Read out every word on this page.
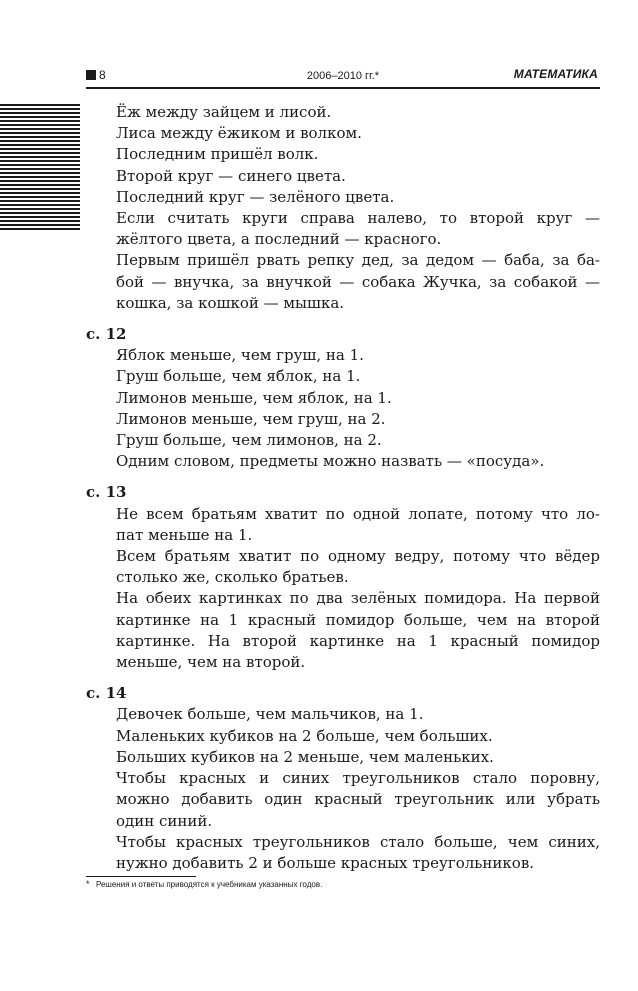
8	2006–2010 гг.*	МАТЕМАТИКА
Ёж между зайцем и лисой.
Лиса между ёжиком и волком.
Последним пришёл волк.
Второй круг — синего цвета.
Последний круг — зелёного цвета.
Если считать круги справа налево, то второй круг —
жёлтого цвета, а последний — красного.
Первым пришёл рвать репку дед, за дедом — баба, за ба-
бой — внучка, за внучкой — собака Жучка, за собакой —
кошка, за кошкой — мышка.
с. 12
Яблок меньше, чем груш, на 1.
Груш больше, чем яблок, на 1.
Лимонов меньше, чем яблок, на 1.
Лимонов меньше, чем груш, на 2.
Груш больше, чем лимонов, на 2.
Одним словом, предметы можно назвать — «посуда».
с. 13
Не всем братьям хватит по одной лопате, потому что ло-
пат меньше на 1.
Всем братьям хватит по одному ведру, потому что вёдер
столько же, сколько братьев.
На обеих картинках по два зелёных помидора. На первой
картинке на 1 красный помидор больше, чем на второй
картинке. На второй картинке на 1 красный помидор
меньше, чем на второй.
с. 14
Девочек больше, чем мальчиков, на 1.
Маленьких кубиков на 2 больше, чем больших.
Больших кубиков на 2 меньше, чем маленьких.
Чтобы красных и синих треугольников стало поровну,
можно добавить один красный треугольник или убрать
один синий.
Чтобы красных треугольников стало больше, чем синих,
нужно добавить 2 и больше красных треугольников.
* Решения и ответы приводятся к учебникам указанных годов.
